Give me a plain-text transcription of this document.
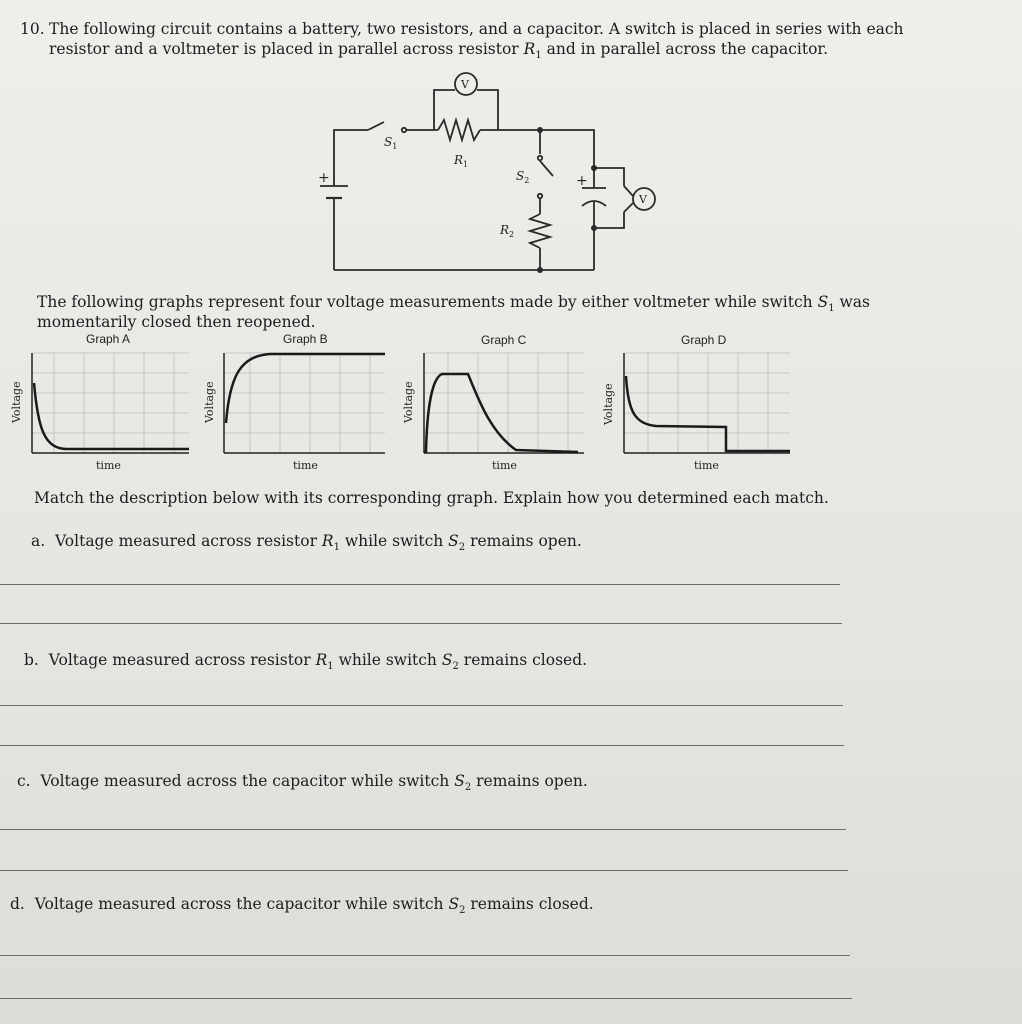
10. The following circuit contains a battery, two resistors, and a capacitor. A switch is placed in series with each
resistor and a voltmeter is placed in parallel across resistor $R_1$ and in parallel across the capacitor.
V
V
+	+
$S_1$
$R_1$
$S_2$
$R_2$
The following graphs represent four voltage measurements made by either voltmeter while switch $S_1$ was
momentarily closed then reopened.
Graph A	Graph B	Graph C	Graph D
Voltage
time
Voltage
time
Voltage
time
Voltage
time
Match the description below with its corresponding graph. Explain how you determined each match.
a. Voltage measured across resistor $R_1$ while switch $S_2$ remains open.
b. Voltage measured across resistor $R_1$ while switch $S_2$ remains closed.
c. Voltage measured across the capacitor while switch $S_2$ remains open.
d. Voltage measured across the capacitor while switch $S_2$ remains closed.
